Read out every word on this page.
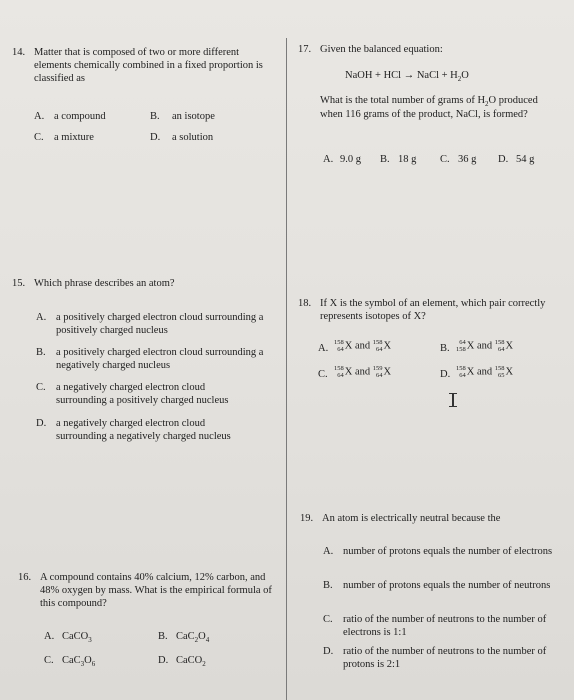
14. Matter that is composed of two or more different elements chemically combined in a fixed proportion is classified as
A. a compound	B. an isotope
C. a mixture	D. a solution
15. Which phrase describes an atom?
A. a positively charged electron cloud surrounding a positively charged nucleus
B. a positively charged electron cloud surrounding a negatively charged nucleus
C. a negatively charged electron cloud surrounding a positively charged nucleus
D. a negatively charged electron cloud surrounding a negatively charged nucleus
16. A compound contains 40% calcium, 12% carbon, and 48% oxygen by mass. What is the empirical formula of this compound?
A. CaCO$_3$	B. $CaC_2O_4$
C. $CaC_3O_6$	D. CaCO$_2$
17. Given the balanced equation:
NaOH + HCl → NaCl + $H_2O$
What is the total number of grams of $H_2O$ produced when 116 grams of the product, NaCl, is formed?
A. 9.0 g B. 18 g C. 36 g D. 54 g
18. If X is the symbol of an element, which pair correctly represents isotopes of X?
A.
158
64 X and 158
64 X	B.
64
158 X and 158
64 X
C.
158
64 X and 159
64 X	D.
158
64 X and 158
65 X
19. An atom is electrically neutral because the
A. number of protons equals the number of electrons
B. number of protons equals the number of neutrons
C. ratio of the number of neutrons to the number of electrons is 1:1
D. ratio of the number of neutrons to the number of protons is 2:1
